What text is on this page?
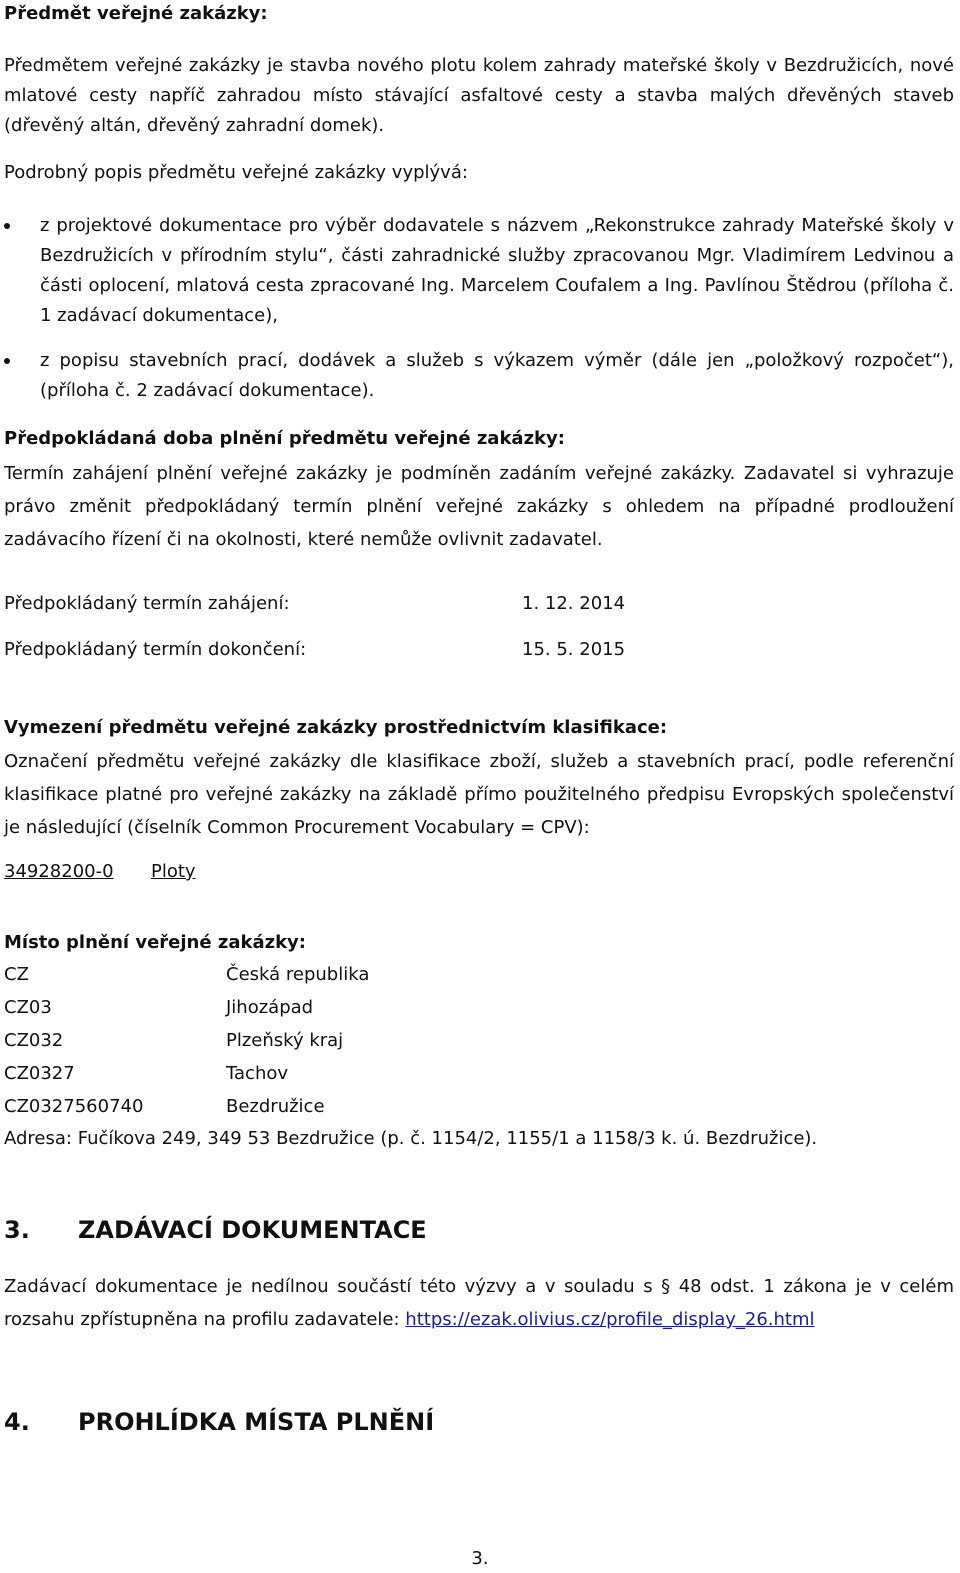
Předmět veřejné zakázky:
Předmětem veřejné zakázky je stavba nového plotu kolem zahrady mateřské školy v Bezdružicích, nové mlatové cesty napříč zahradou místo stávající asfaltové cesty a stavba malých dřevěných staveb (dřevěný altán, dřevěný zahradní domek).
Podrobný popis předmětu veřejné zakázky vyplývá:
z projektové dokumentace pro výběr dodavatele s názvem „Rekonstrukce zahrady Mateřské školy v Bezdružicích v přírodním stylu“, části zahradnické služby zpracovanou Mgr. Vladimírem Ledvinou a části oplocení, mlatová cesta zpracované Ing. Marcelem Coufalem a Ing. Pavlínou Štědrou (příloha č. 1 zadávací dokumentace),
z popisu stavebních prací, dodávek a služeb s výkazem výměr (dále jen „položkový rozpočet“), (příloha č. 2 zadávací dokumentace).
Předpokládaná doba plnění předmětu veřejné zakázky:
Termín zahájení plnění veřejné zakázky je podmíněn zadáním veřejné zakázky. Zadavatel si vyhrazuje právo změnit předpokládaný termín plnění veřejné zakázky s ohledem na případné prodloužení zadávacího řízení či na okolnosti, které nemůže ovlivnit zadavatel.
Předpokládaný termín zahájení:	1. 12. 2014
Předpokládaný termín dokončení:	15. 5. 2015
Vymezení předmětu veřejné zakázky prostřednictvím klasifikace:
Označení předmětu veřejné zakázky dle klasifikace zboží, služeb a stavebních prací, podle referenční klasifikace platné pro veřejné zakázky na základě přímo použitelného předpisu Evropských společenství je následující (číselník Common Procurement Vocabulary = CPV):
34928200-0 Ploty
Místo plnění veřejné zakázky:
CZ	Česká republika
CZ03	Jihozápad
CZ032	Plzeňský kraj
CZ0327	Tachov
CZ0327560740	Bezdružice
Adresa: Fučíkova 249, 349 53 Bezdružice (p. č. 1154/2, 1155/1 a 1158/3 k. ú. Bezdružice).
3. ZADÁVACÍ DOKUMENTACE
Zadávací dokumentace je nedílnou součástí této výzvy a v souladu s § 48 odst. 1 zákona je v celém rozsahu zpřístupněna na profilu zadavatele: https://ezak.olivius.cz/profile_display_26.html
4. PROHLÍDKA MÍSTA PLNĚNÍ
3.
